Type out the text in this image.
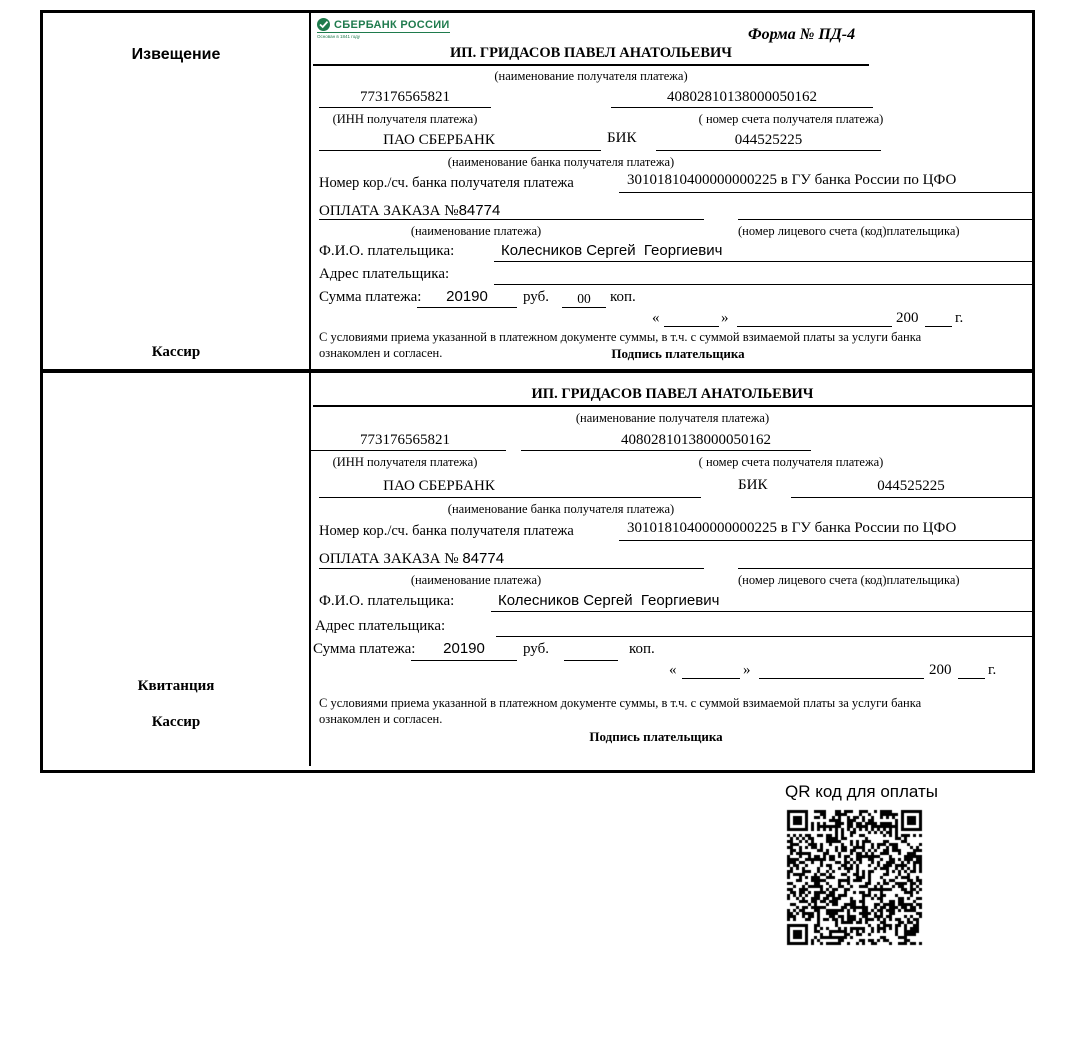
Извещение
Кассир
СБЕРБАНК РОССИИ
Основан в 1841 году	Форма № ПД-4
ИП. ГРИДАСОВ ПАВЕЛ АНАТОЛЬЕВИЧ
(наименование получателя платежа)
773176565821	40802810138000050162
(ИНН получателя платежа)	( номер счета получателя платежа)
ПАО СБЕРБАНК	БИК	044525225
(наименование банка получателя платежа)
Номер кор./сч. банка получателя платежа	30101810400000000225 в ГУ банка России по ЦФО
ОПЛАТА ЗАКАЗА №84774
(наименование платежа)	(номер лицевого счета (код)плательщика)
Ф.И.О. плательщика:	Колесников Сергей  Георгиевич
Адрес плательщика:
Сумма платежа:	20190	руб.	00	коп.
«	»	200 г.
С условиями приема указанной в платежном документе суммы, в т.ч. с суммой взимаемой платы за услуги банка
ознакомлен и согласен.	Подпись плательщика
Квитанция
Кассир
ИП. ГРИДАСОВ ПАВЕЛ АНАТОЛЬЕВИЧ
(наименование получателя платежа)
773176565821	40802810138000050162
(ИНН получателя платежа)	( номер счета получателя платежа)
ПАО СБЕРБАНК	БИК	044525225
(наименование банка получателя платежа)
Номер кор./сч. банка получателя платежа	30101810400000000225 в ГУ банка России по ЦФО
ОПЛАТА ЗАКАЗА № 84774
(наименование платежа)	(номер лицевого счета (код)плательщика)
Ф.И.О. плательщика:	Колесников Сергей  Георгиевич
Адрес плательщика:
Сумма платежа:	20190	руб.	коп.
«	»	200 г.
С условиями приема указанной в платежном документе суммы, в т.ч. с суммой взимаемой платы за услуги банка
ознакомлен и согласен.
Подпись плательщика
QR код для оплаты
